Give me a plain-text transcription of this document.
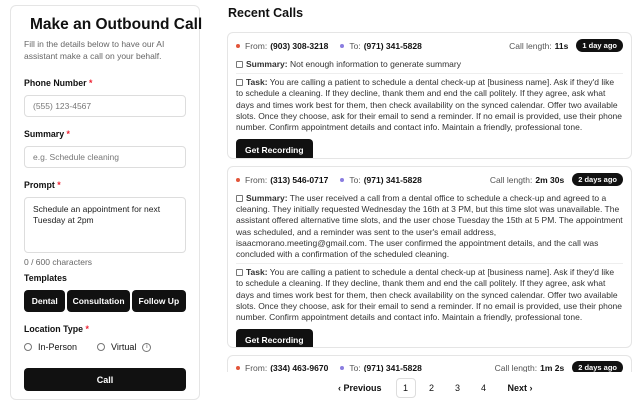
Make an Outbound Call
Fill in the details below to have our AI assistant make a call on your behalf.
Phone Number *
(555) 123-4567
Summary *
e.g. Schedule cleaning
Prompt *
Schedule an appointment for next Tuesday at 2pm
0 / 600 characters
Templates
Dental	Consultation	Follow Up
Location Type *
In-Person	Virtual	i
Call
Recent Calls
From: (903) 308-3218 To: (971) 341-5828	Call length: 11s	1 day ago
Summary: Not enough information to generate summary
Task: You are calling a patient to schedule a dental check-up at [business name]. Ask if they'd like to schedule a cleaning. If they decline, thank them and end the call politely. If they agree, ask what days and times work best for them, then check availability on the synced calendar. Offer two available slots. Once they choose, ask for their email to send a reminder. If no email is provided, use their phone number. Confirm appointment details and contact info. Maintain a friendly, professional tone.
Get Recording
From: (313) 546-0717 To: (971) 341-5828	Call length: 2m 30s	2 days ago
Summary: The user received a call from a dental office to schedule a check-up and agreed to a cleaning. They initially requested Wednesday the 16th at 3 PM, but this time slot was unavailable. The assistant offered alternative time slots, and the user chose Tuesday the 15th at 5 PM. The appointment was scheduled, and a reminder was sent to the user's email address, isaacmorano.meeting@gmail.com. The user confirmed the appointment details, and the call was concluded with a confirmation of the scheduled cleaning.
Task: You are calling a patient to schedule a dental check-up at [business name]. Ask if they'd like to schedule a cleaning. If they decline, thank them and end the call politely. If they agree, ask what days and times work best for them, then check availability on the synced calendar. Offer two available slots. Once they choose, ask for their email to send a reminder. If no email is provided, use their phone number. Confirm appointment details and contact info. Maintain a friendly, professional tone.
Get Recording
From: (334) 463-9670 To: (971) 341-5828	Call length: 1m 2s	2 days ago
‹ Previous	1	2	3	4	Next ›
